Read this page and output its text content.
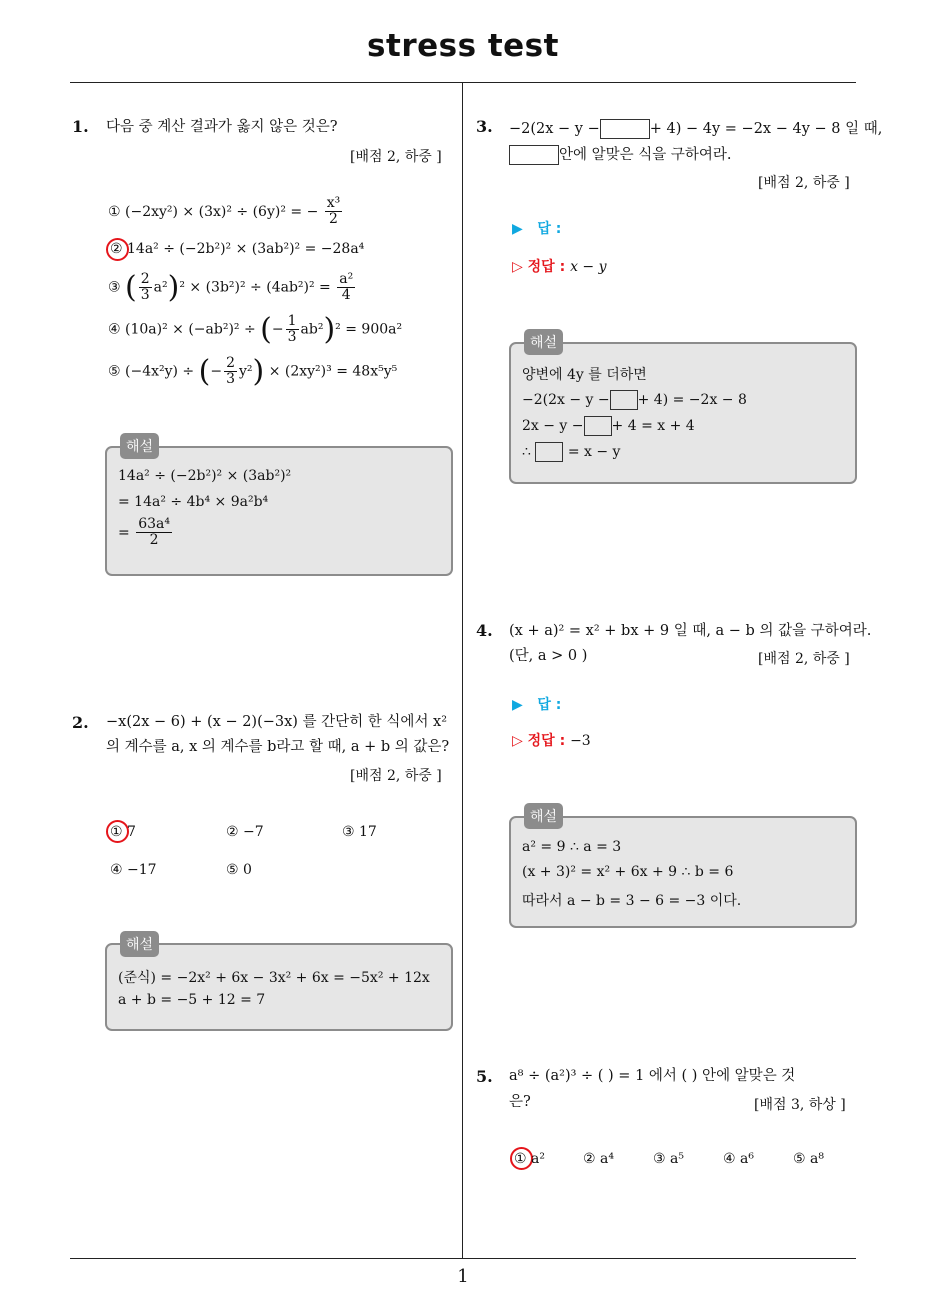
stress test
1
1. 다음 중 계산 결과가 옳지 않은 것은?
[배점 2, 하중 ]
① (−2xy²) × (3x)² ÷ (6y)² = − $\frac{\text{x³}}{2}$
② 14a² ÷ (−2b²)² × (3ab²)² = −28a⁴
③ ( $\frac{2}{3} a^2)^2 \times (3b^2)^2 \div (4ab^2)^2 = \frac{\text{a²}}{4}$
④ (10a)² × (−ab²)² ÷ (− $\frac{1}{3} ab^2)^2 = 900a^2$
⑤ (−4x²y) ÷ (− $\frac{2}{3} y^2) \times (2xy^2)^3 = 48x^5y^5$
해설
14a² ÷ (−2b²)² × (3ab²)²
= 14a² ÷ 4b⁴ × 9a²b⁴
= $\frac{\text{63a⁴}}{2}$
2. −x(2x − 6) + (x − 2)(−3x) 를 간단히 한 식에서 x²
의 계수를 a, x 의 계수를 b라고 할 때, a + b 의 값은?
[배점 2, 하중 ]
① 7	② −7	③ 17
④ −17	⑤ 0
해설
(준식) = −2x² + 6x − 3x² + 6x = −5x² + 12x
a + b = −5 + 12 = 7
3. −2(2x − y −	+ 4) − 4y = −2x − 4y − 8 일 때,
안에 알맞은 식을 구하여라.
[배점 2, 하중 ]
▶ 답 :
▷ 정답 : x − y
해설
양변에 4y 를 더하면
−2(2x − y − + 4) = −2x − 8
2x − y − + 4 = x + 4
∴	= x − y
4. (x + a)² = x² + bx + 9 일 때, a − b 의 값을 구하여라.
(단, a > 0 )	[배점 2, 하중 ]
▶ 답 :
▷ 정답 : −3
해설
a² = 9 ∴ a = 3
(x + 3)² = x² + 6x + 9 ∴ b = 6
따라서 a − b = 3 − 6 = −3 이다.
5. a⁸ ÷ (a²)³ ÷ ( ) = 1 에서 ( ) 안에 알맞은 것
은?	[배점 3, 하상 ]
① a²	② a⁴	③ a⁵	④ a⁶	⑤ a⁸
